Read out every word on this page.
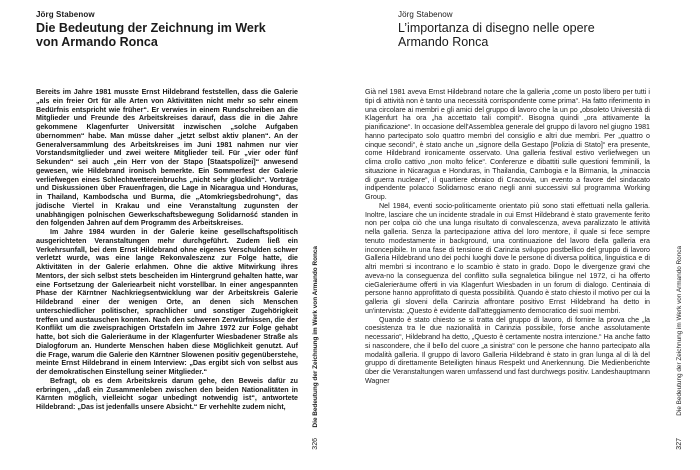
Jörg Stabenow
Die Bedeutung der Zeichnung im Werk
von Armando Ronca

Bereits im Jahre 1981 musste Ernst Hildebrand feststellen, dass die Galerie „als ein freier Ort für alle Arten von Aktivitäten nicht mehr so sehr einem Bedürfnis entspricht wie früher“. Er verwies in einem Rundschreiben an die Mitglieder und Freunde des Arbeitskreises darauf, dass die in die Jahre gekommene Klagenfurter Universität inzwischen „solche Aufgaben übernommen“ habe. Man müsse daher „jetzt selbst aktiv planen“. An der Generalversammlung des Arbeitskreises im Juni 1981 nahmen nur vier Vorstandsmitglieder und zwei weitere Mitglieder teil. Für „vier oder fünf Sekunden“ sei auch „ein Herr von der Stapo [Staatspolizei]“ anwesend gewesen, wie Hildebrand ironisch bemerkte. Ein Sommerfest der Galerie verliefwegen eines Schlechtwettereinbruchs „nicht sehr glücklich“. Vorträge und Diskussionen über Frauenfragen, die Lage in Nicaragua und Honduras, in Thailand, Kambodscha und Burma, die „Atomkriegsbedrohung“, das jüdische Viertel in Krakau und eine Veranstaltung zugunsten der unabhängigen polnischen Gewerkschaftsbewegung Solidarność standen in den folgenden Jahren auf dem Programm des Arbeitskreises.

Im Jahre 1984 wurden in der Galerie keine gesellschaftspolitisch ausgerichteten Veranstaltungen mehr durchgeführt. Zudem ließ ein Verkehrsunfall, bei dem Ernst Hildebrand ohne eigenes Verschulden schwer verletzt wurde, was eine lange Rekonvaleszenz zur Folge hatte, die Aktivitäten in der Galerie erlahmen. Ohne die aktive Mitwirkung ihres Mentors, der sich selbst stets bescheiden im Hintergrund gehalten hatte, war eine Fortsetzung der Galeriearbeit nicht vorstellbar. In einer angespannten Phase der Kärntner Nachkriegsentwicklung war der Arbeitskreis Galerie Hildebrand einer der wenigen Orte, an denen sich Menschen unterschiedlicher politischer, sprachlicher und sonstiger Zugehörigkeit treffen und austauschen konnten. Nach den schweren Zerwürfnissen, die der Konflikt um die zweisprachigen Ortstafeln im Jahre 1972 zur Folge gehabt hatte, bot sich die Galerieräume in der Klagenfurter Wiesbadener Straße als Dialogforum an. Hunderte Menschen haben diese Möglichkeit genutzt. Auf die Frage, warum die Galerie den Kärntner Slowenen positiv gegenüberstehe, meinte Ernst Hildebrand in einem Interview: „Das ergibt sich von selbst aus der demokratischen Einstellung seiner Mitglieder.“

Befragt, ob es dem Arbeitskreis darum gehe, den Beweis dafür zu erbringen, „daß ein Zusammenleben zwischen den beiden Nationalitäten in Kärnten möglich, vielleicht sogar unbedingt notwendig ist“, antwortete Hildebrand: „Das ist jedenfalls unsere Absicht.“ Er verhehlte zudem nicht,	Die Bedeutung der Zeichnung im Werk von Armando Ronca
326
Jörg Stabenow
L’importanza di disegno nelle opere
Armando Ronca

Già nel 1981 aveva Ernst Hildebrand notare che la galleria „come un posto libero per tutti i tipi di attività non è tanto una necessità corrispondente come prima“. Ha fatto riferimento in una circolare ai membri e gli amici del gruppo di lavoro che la un po „obsoleto Università di Klagenfurt ha ora „ha accettato tali compiti“. Bisogna quindi „ora attivamente la pianificazione“. In occasione dell'Assemblea generale del gruppo di lavoro nel giugno 1981 hanno partecipato solo quattro membri del consiglio e altri due membri. Per „quattro o cinque secondi“, è stato anche un „signore della Gestapo [Polizia di Stato]“ era presente, come Hildebrand ironicamente osservato. Una galleria festival estivo verliefwegen un clima crollo cattivo „non molto felice“. Conferenze e dibattiti sulle questioni femminili, la situazione in Nicaragua e Honduras, in Thailandia, Cambogia e la Birmania, la „minaccia di guerra nucleare“, il quartiere ebraico di Cracovia, un evento a favore del sindacato indipendente polacco Solidarnosc erano negli anni successivi sul programma Working Group.

Nel 1984, eventi socio-politicamente orientato più sono stati effettuati nella galleria. Inoltre, lasciare che un incidente stradale in cui Ernst Hildebrand è stato gravemente ferito non per colpa ciò che una lunga risultato di convalescenza, aveva paralizzato le attività nella galleria. Senza la partecipazione attiva del loro mentore, il quale si fece sempre tenuto modestamente in background, una continuazione del lavoro della galleria era inconcepibile. In una fase di tensione di Carinzia sviluppo postbellico del gruppo di lavoro Galleria Hildebrand uno dei pochi luoghi dove le persone di diversa politica, linguistica e di altri membri si incontrano e lo scambio è stato in grado. Dopo le divergenze gravi che aveva-no la conseguenza del conflitto sulla segnaletica bilingue nel 1972, ci ha offerto cieGalerieräume offerti in via Klagenfurt Wiesbaden in un forum di dialogo. Centinaia di persone hanno approfittato di questa possibilità. Quando è stato chiesto il motivo per cui la galleria gli sloveni della Carinzia affrontare positivo Ernst Hildebrand ha detto in un'intervista: „Questo è evidente dall'atteggiamento democratico dei suoi membri.

Quando è stato chiesto se si tratta del gruppo di lavoro, di fornire la prova che „la coesistenza tra le due nazionalità in Carinzia possibile, forse anche assolutamente necessario“, Hildebrand ha detto, „Questo è certamente nostra intenzione.“ Ha anche fatto si nascondere, che il bello del cuore „a sinistra“ con le persone che hanno partecipato alla modalità galleria. Il gruppo di lavoro Galleria Hildebrand è stato in gran lunga al di là del gruppo di direttamente Beteiligten hinaus Respekt und Anerkennung. Die Medienberichte über die Veranstaltungen waren umfassend und fast durchwegs positiv. Landeshauptmann Wagner	Die Bedeutung der Zeichnung im Werk von Armando Ronca
327
